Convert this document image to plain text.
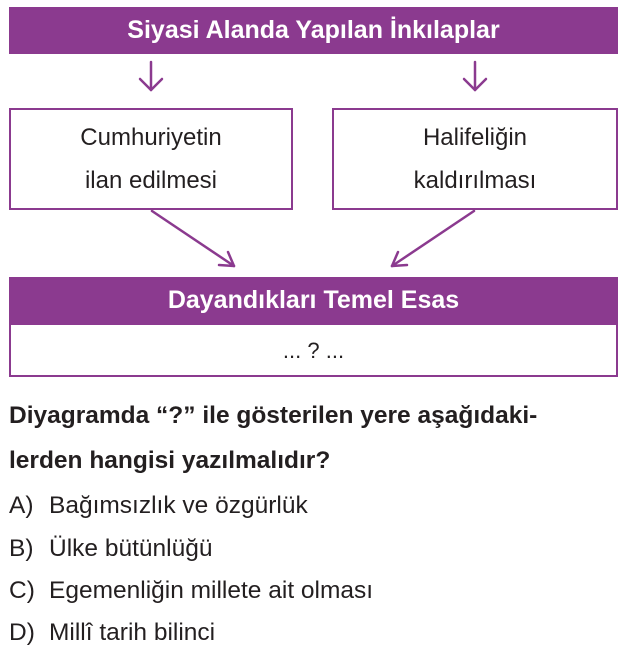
Siyasi Alanda Yapılan İnkılaplar
Cumhuriyetin
ilan edilmesi
Halifeliğin
kaldırılması
Dayandıkları Temel Esas
... ? ...
Diyagramda “?” ile gösterilen yere aşağıdaki-
lerden hangisi yazılmalıdır?
A) Bağımsızlık ve özgürlük
B) Ülke bütünlüğü
C) Egemenliğin millete ait olması
D) Millî tarih bilinci
